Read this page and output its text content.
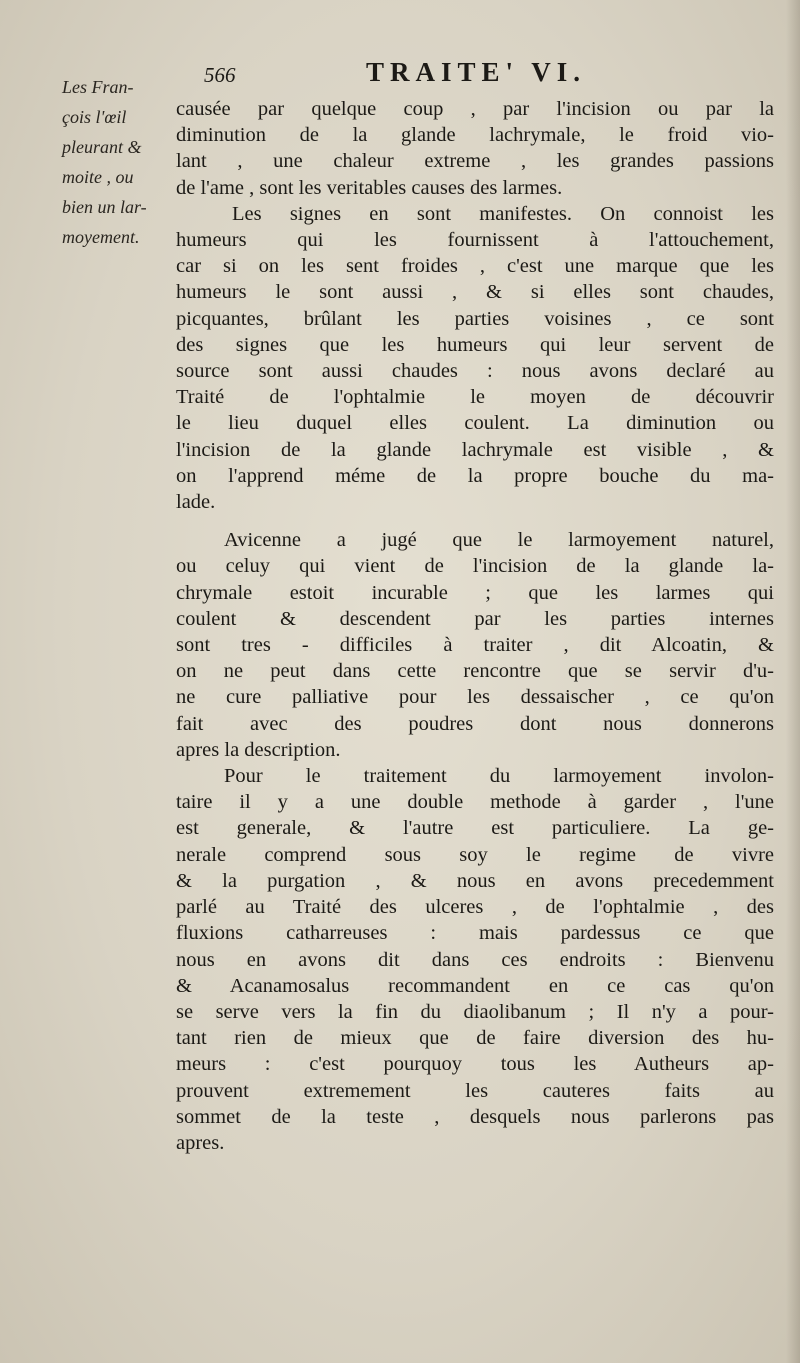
566	TRAITE' VI.
Les Fran-
çois l'œil
pleurant &
moite , ou
bien un lar-
moyement.
causée par quelque coup , par l'incision ou par la
diminution de la glande lachrymale, le froid vio-
lant , une chaleur extreme , les grandes passions
de l'ame , sont les veritables causes des larmes.
Les signes en sont manifestes. On connoist les
humeurs qui les fournissent à l'attouchement,
car si on les sent froides , c'est une marque que les
humeurs le sont aussi , & si elles sont chaudes,
picquantes, brûlant les parties voisines , ce sont
des signes que les humeurs qui leur servent de
source sont aussi chaudes : nous avons declaré au
Traité de l'ophtalmie le moyen de découvrir
le lieu duquel elles coulent. La diminution ou
l'incision de la glande lachrymale est visible , &
on l'apprend méme de la propre bouche du ma-
lade.
Avicenne a jugé que le larmoyement naturel,
ou celuy qui vient de l'incision de la glande la-
chrymale estoit incurable ; que les larmes qui
coulent & descendent par les parties internes
sont tres - difficiles à traiter , dit Alcoatin, &
on ne peut dans cette rencontre que se servir d'u-
ne cure palliative pour les dessaischer , ce qu'on
fait avec des poudres dont nous donnerons
apres la description.
Pour le traitement du larmoyement involon-
taire il y a une double methode à garder , l'une
est generale, & l'autre est particuliere. La ge-
nerale comprend sous soy le regime de vivre
& la purgation , & nous en avons precedemment
parlé au Traité des ulceres , de l'ophtalmie , des
fluxions catharreuses : mais pardessus ce que
nous en avons dit dans ces endroits : Bienvenu
& Acanamosalus recommandent en ce cas qu'on
se serve vers la fin du diaolibanum ; Il n'y a pour-
tant rien de mieux que de faire diversion des hu-
meurs : c'est pourquoy tous les Autheurs ap-
prouvent extremement les cauteres faits au
sommet de la teste , desquels nous parlerons pas
apres.
